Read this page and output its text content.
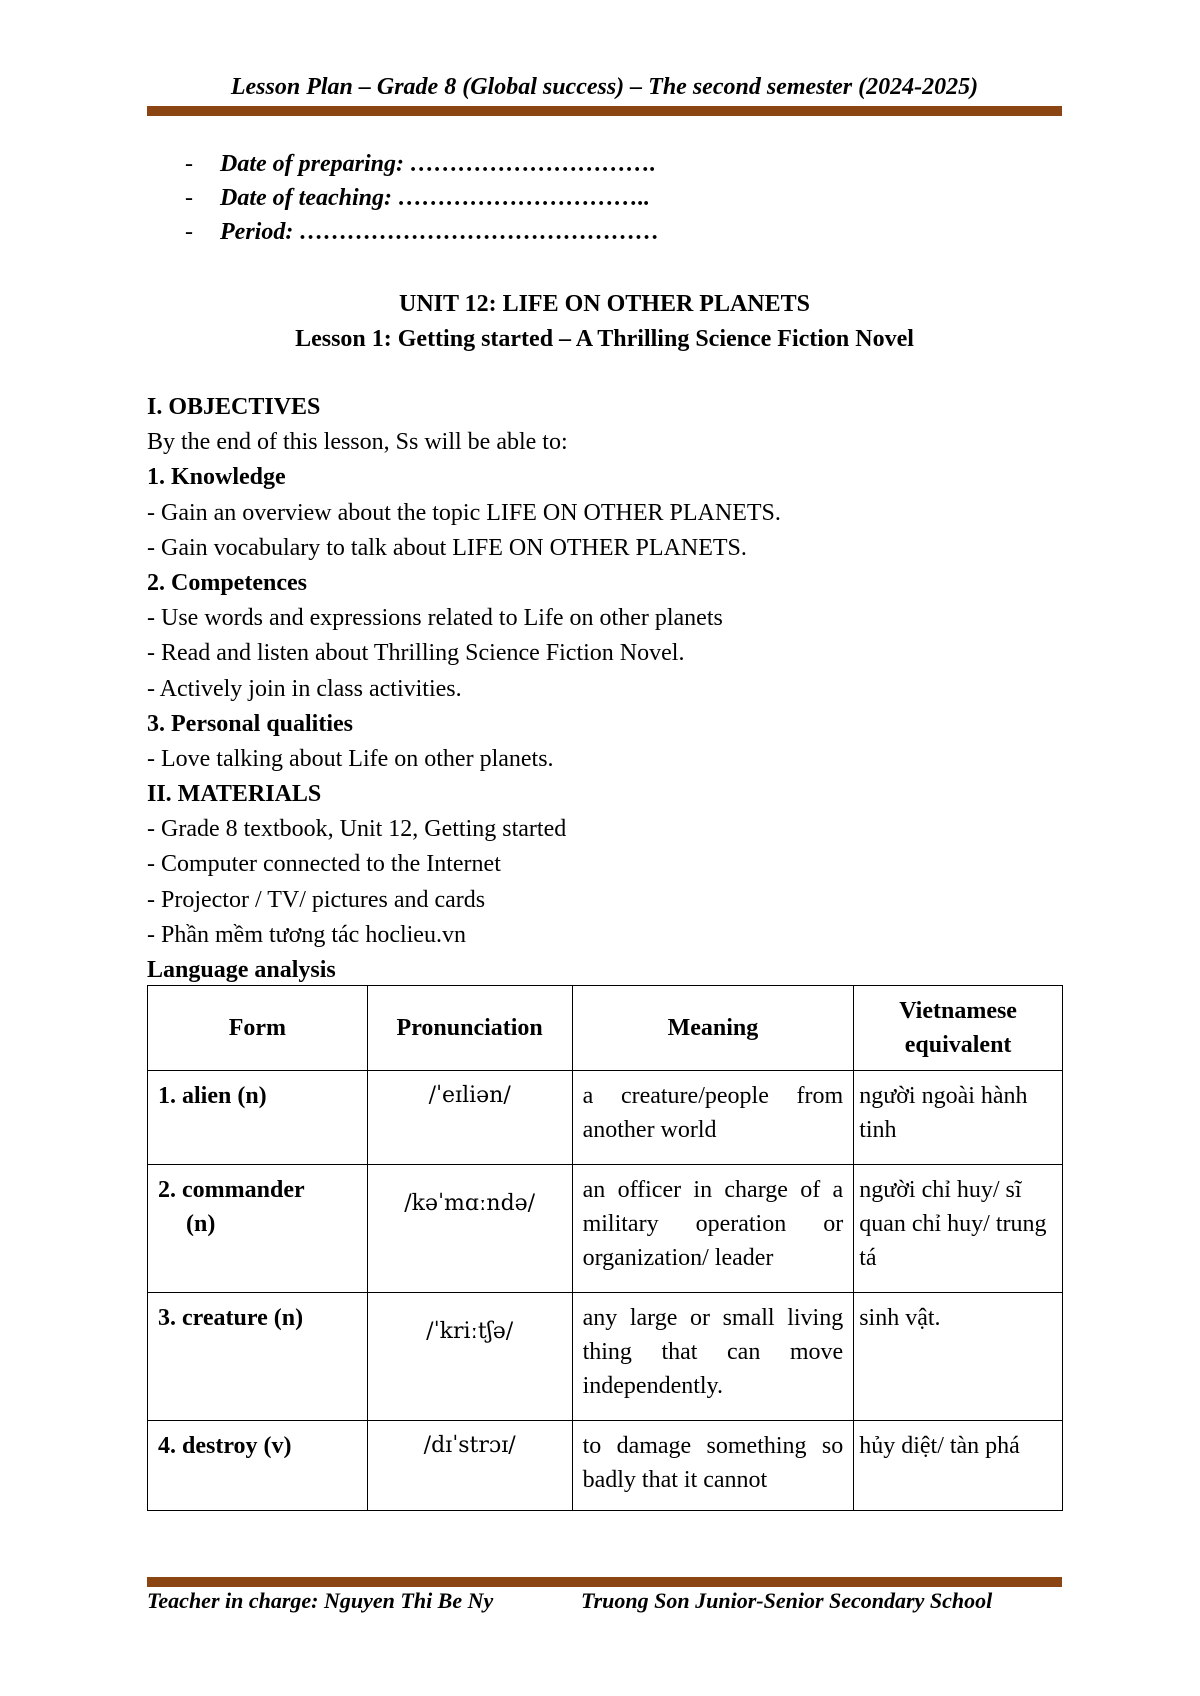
Lesson Plan – Grade 8 (Global success) – The second semester (2024-2025)
- Date of preparing: ………………………….
- Date of teaching: …………………………..
- Period: ………………………………………
UNIT 12: LIFE ON OTHER PLANETS
Lesson 1: Getting started – A Thrilling Science Fiction Novel
I. OBJECTIVES
By the end of this lesson, Ss will be able to:
1. Knowledge
- Gain an overview about the topic LIFE ON OTHER PLANETS.
- Gain vocabulary to talk about LIFE ON OTHER PLANETS.
2. Competences
- Use words and expressions related to Life on other planets
- Read and listen about Thrilling Science Fiction Novel.
- Actively join in class activities.
3. Personal qualities
- Love talking about Life on other planets.
II. MATERIALS
- Grade 8 textbook, Unit 12, Getting started
- Computer connected to the Internet
- Projector / TV/ pictures and cards
- Phần mềm tương tác hoclieu.vn
Language analysis
Form	Pronunciation	Meaning	Vietnamese equivalent
1. alien (n)	/ˈeɪliən/	a creature/people from another world	người ngoài hành tinh

2. commander
(n)	/kəˈmɑːndə/	an officer in charge of a military operation or organization/ leader	người chỉ huy/ sĩ quan chỉ huy/ trung tá
3. creature (n)	/ˈkriːtʃə/	any large or small living thing that can move independently.	sinh vật.
4. destroy (v)	/dɪˈstrɔɪ/	to damage something so badly that it cannot	hủy diệt/ tàn phá
Teacher in charge: Nguyen Thi Be Ny	Truong Son Junior-Senior Secondary School
